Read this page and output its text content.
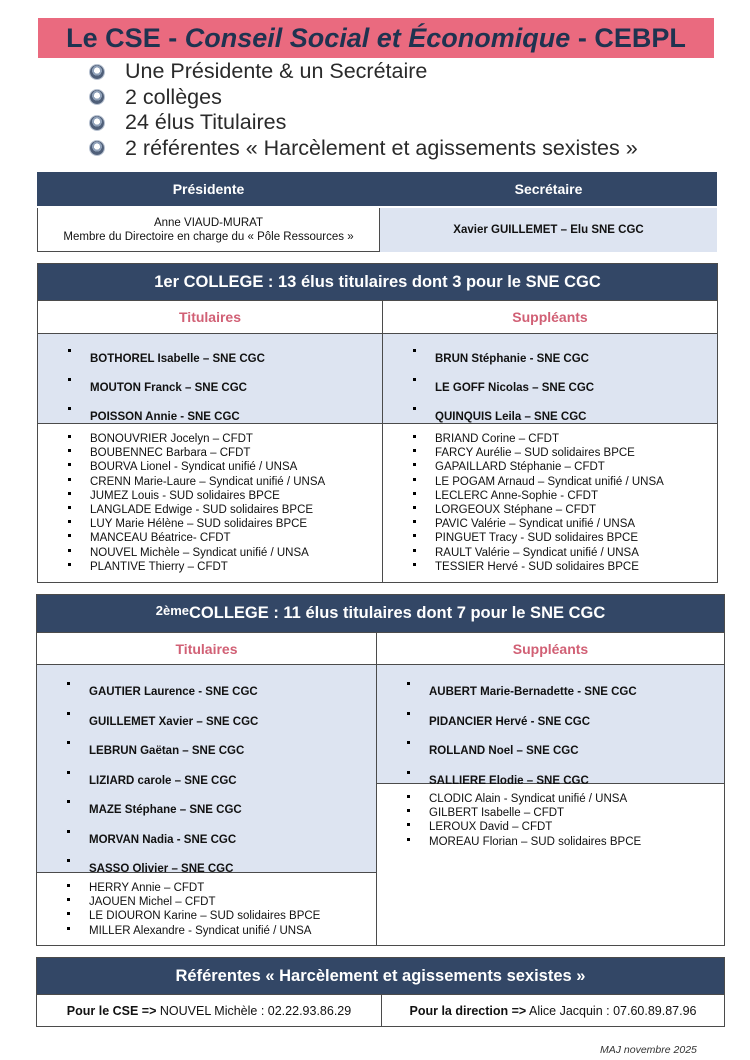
Le CSE -
Conseil Social et Économique
- CEBPL
Une Présidente & un Secrétaire
2 collèges
24 élus Titulaires
2 référentes « Harcèlement et agissements sexistes »
Présidente	Secrétaire
Anne VIAUD-MURAT
Membre du Directoire en charge du « Pôle Ressources »
Xavier GUILLEMET – Elu SNE CGC
1er COLLEGE : 13 élus titulaires dont 3 pour le SNE CGC
Titulaires	Suppléants
BOTHOREL Isabelle – SNE CGC
MOUTON Franck – SNE CGC
POISSON Annie - SNE CGC
BRUN Stéphanie - SNE CGC
LE GOFF Nicolas – SNE CGC
QUINQUIS Leila – SNE CGC
BONOUVRIER Jocelyn – CFDT
BOUBENNEC Barbara – CFDT
BOURVA Lionel - Syndicat unifié / UNSA
CRENN Marie-Laure – Syndicat unifié / UNSA
JUMEZ Louis - SUD solidaires BPCE
LANGLADE Edwige - SUD solidaires BPCE
LUY Marie Hélène – SUD solidaires BPCE
MANCEAU Béatrice- CFDT
NOUVEL Michèle – Syndicat unifié / UNSA
PLANTIVE Thierry – CFDT
BRIAND Corine – CFDT
FARCY Aurélie – SUD solidaires BPCE
GAPAILLARD Stéphanie – CFDT
LE POGAM Arnaud – Syndicat unifié / UNSA
LECLERC Anne-Sophie - CFDT
LORGEOUX Stéphane – CFDT
PAVIC Valérie – Syndicat unifié / UNSA
PINGUET Tracy - SUD solidaires BPCE
RAULT Valérie – Syndicat unifié / UNSA
TESSIER Hervé - SUD solidaires BPCE
2ème COLLEGE : 11 élus titulaires dont 7 pour le SNE CGC
Titulaires	Suppléants
GAUTIER Laurence - SNE CGC
GUILLEMET Xavier – SNE CGC
LEBRUN Gaëtan – SNE CGC
LIZIARD carole – SNE CGC
MAZE Stéphane – SNE CGC
MORVAN Nadia - SNE CGC
SASSO Olivier – SNE CGC
HERRY Annie – CFDT
JAOUEN Michel – CFDT
LE DIOURON Karine – SUD solidaires BPCE
MILLER Alexandre - Syndicat unifié / UNSA
AUBERT Marie-Bernadette - SNE CGC
PIDANCIER Hervé - SNE CGC
ROLLAND Noel – SNE CGC
SALLIERE Elodie – SNE CGC
CLODIC Alain - Syndicat unifié / UNSA
GILBERT Isabelle – CFDT
LEROUX David – CFDT
MOREAU Florian – SUD solidaires BPCE
Référentes « Harcèlement et agissements sexistes »
Pour le CSE => NOUVEL Michèle : 02.22.93.86.29	Pour la direction => Alice Jacquin : 07.60.89.87.96
MAJ novembre 2025
